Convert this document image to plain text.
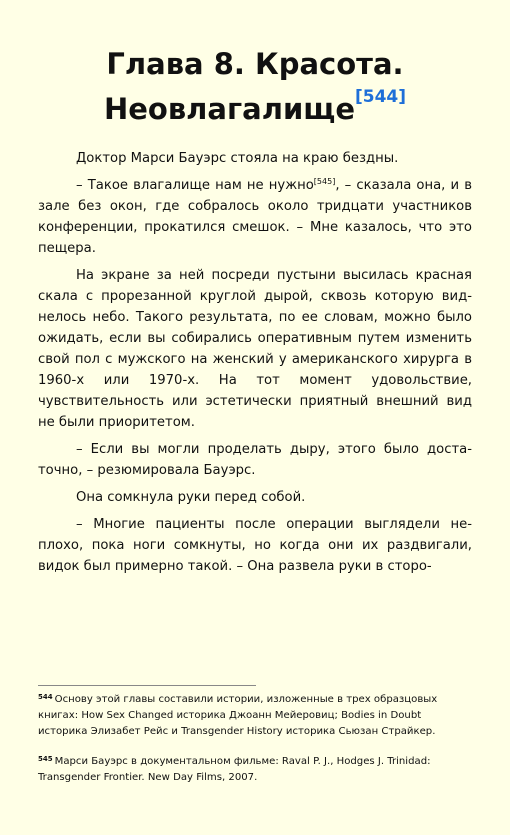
Глава 8. Красота.
Неовлагалище[544]

Доктор Марси Бауэрс стояла на краю бездны.

– Такое влагалище нам не нужно[545], – сказала она, и в зале без окон, где собралось около тридцати участников конференции, прокатился смешок. – Мне казалось, что это пещера.

На экране за ней посреди пустыни высилась красная скала с прорезанной круглой дырой, сквозь которую виднелось небо. Такого результата, по ее словам, можно было ожидать, если вы собирались оперативным путем изменить свой пол с мужского на женский у американского хирурга в 1960-х или 1970-х. На тот момент удовольствие, чувствительность или эстетически приятный внешний вид не были приоритетом.

– Если вы могли проделать дыру, этого было достаточно, – резюмировала Бауэрс.

Она сомкнула руки перед собой.

– Многие пациенты после операции выглядели неплохо, пока ноги сомкнуты, но когда они их раздвигали, видок был примерно такой. – Она развела руки в сторо-

$^{544}$ Основу этой главы составили истории, изложенные в трех образцовых книгах: How Sex Changed историка Джоанн Мейеровиц; Bodies in Doubt историка Элизабет Рейс и Transgender History историка Сьюзан Страйкер.
$^{545}$ Марси Бауэрс в документальном фильме: Raval P. J., Hodges J. Trinidad: Transgender Frontier. New Day Films, 2007.
